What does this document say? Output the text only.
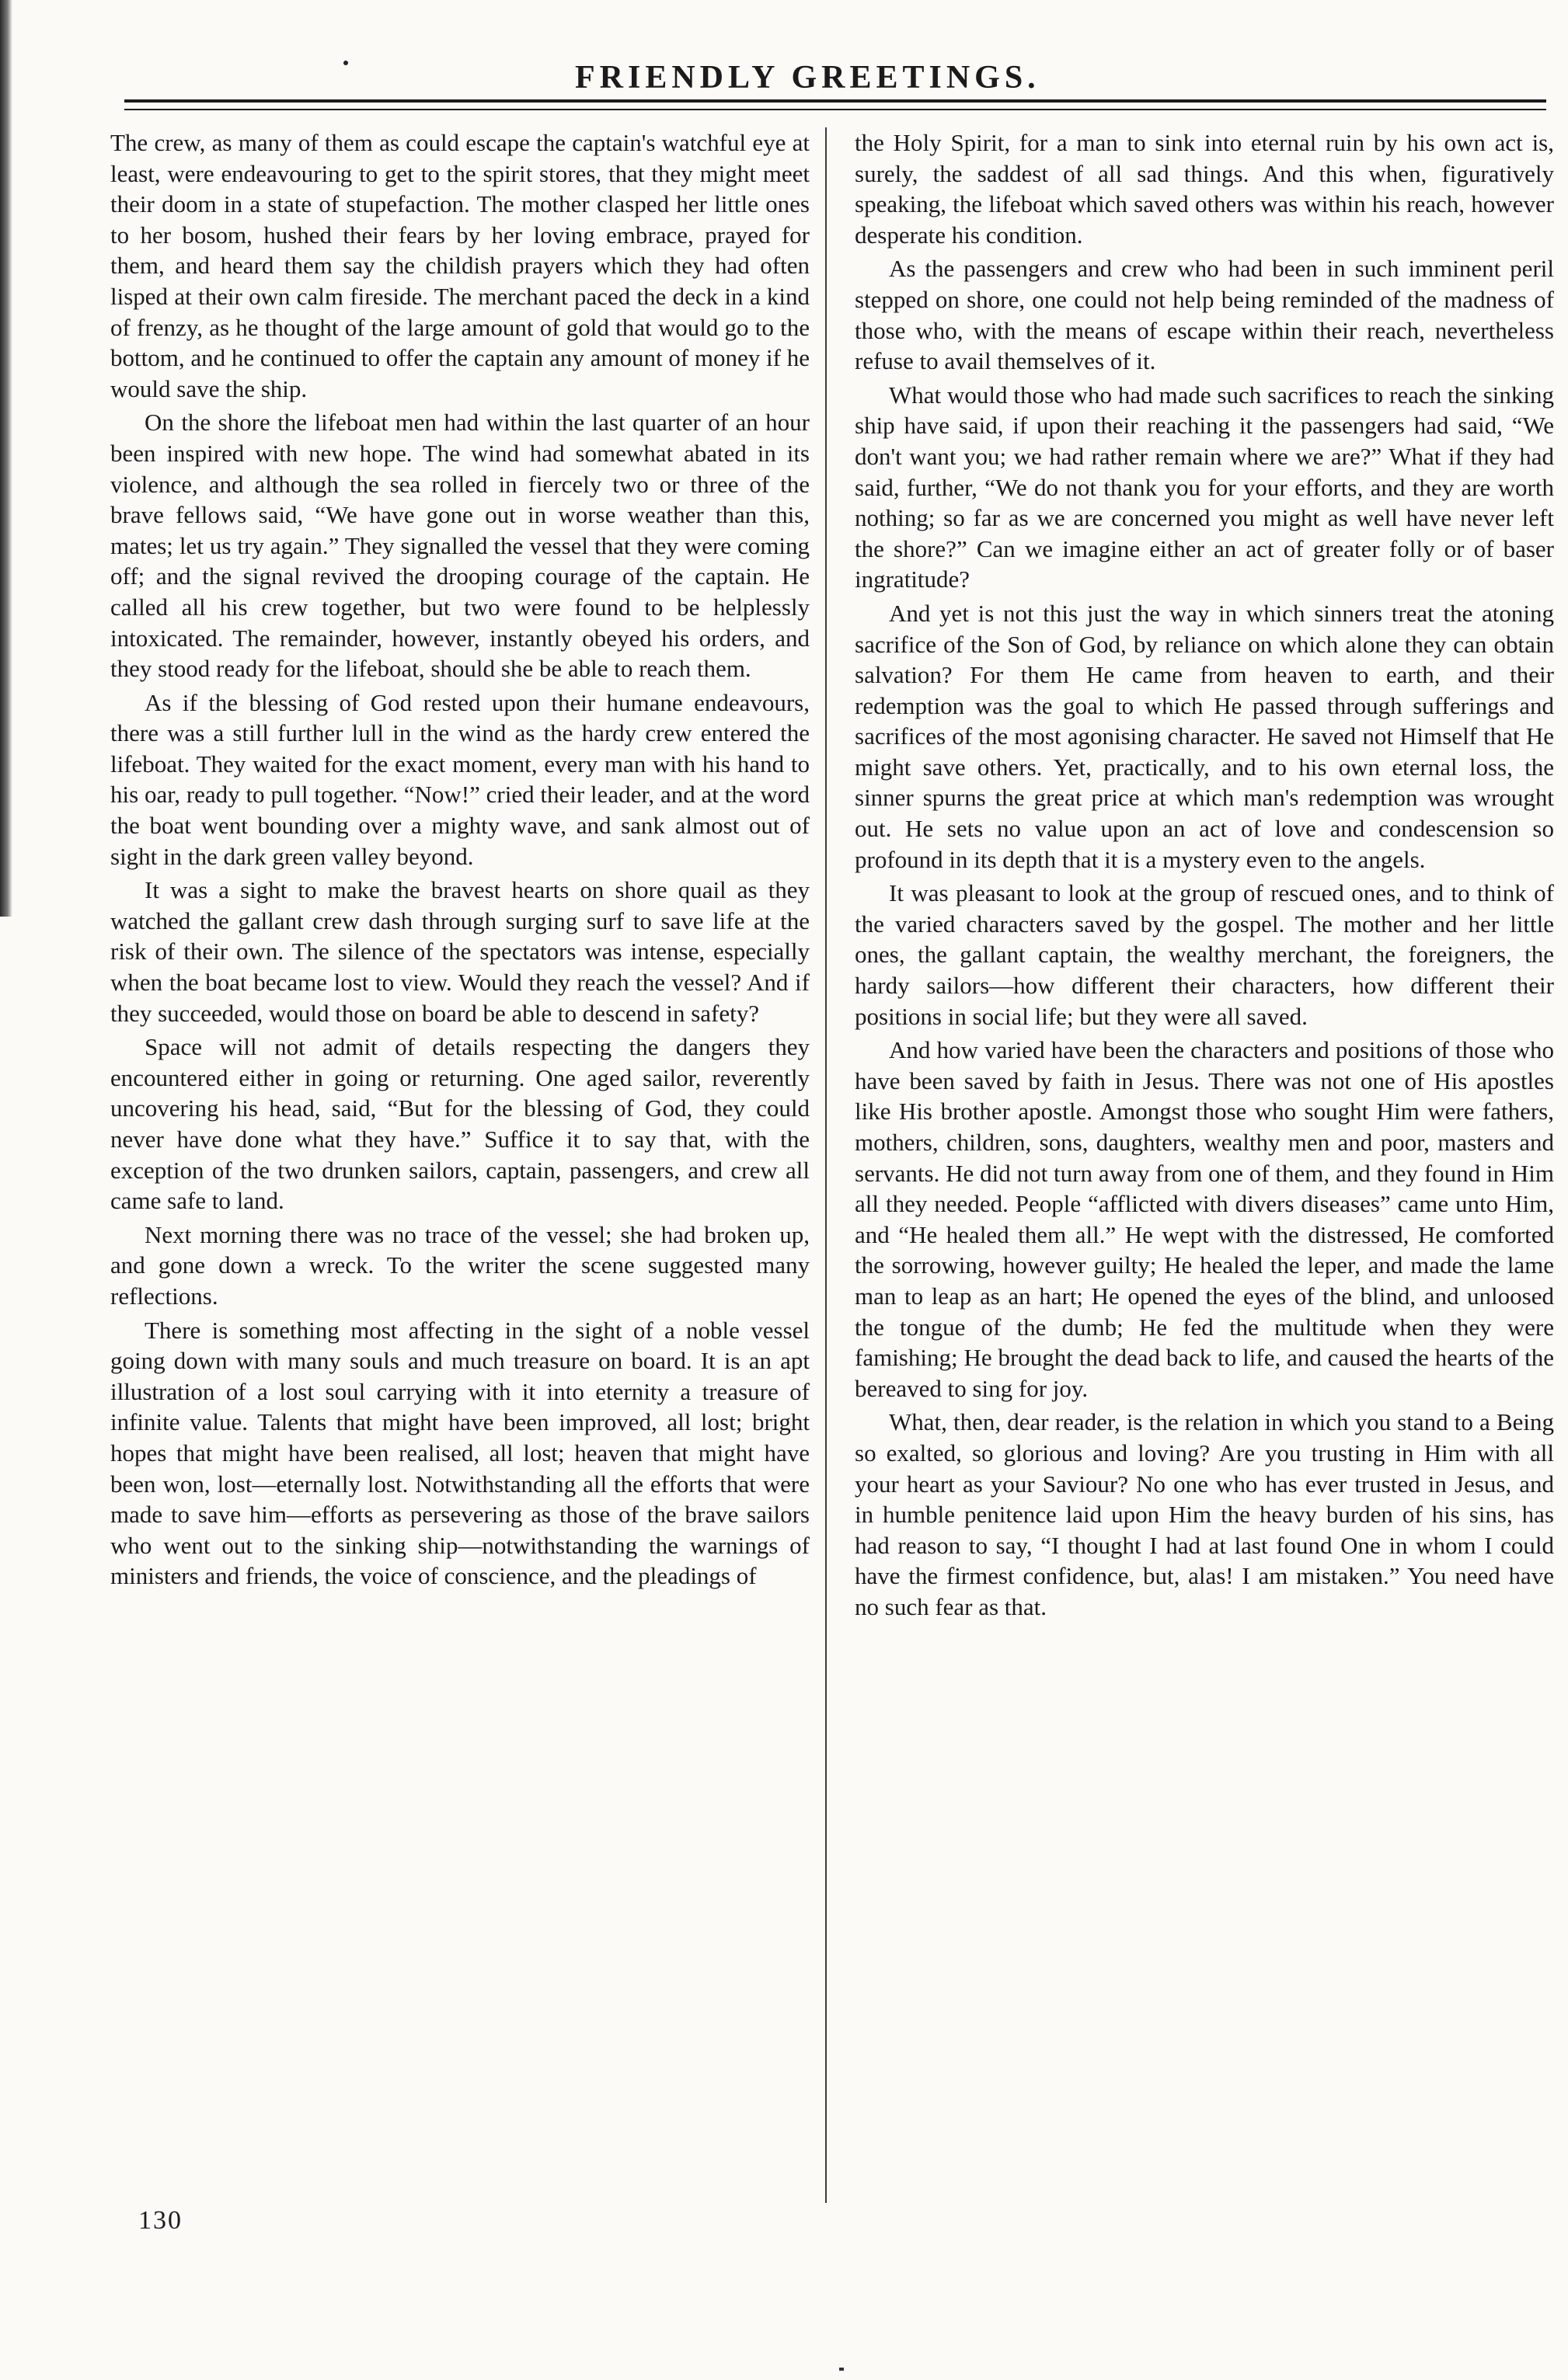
FRIENDLY GREETINGS.

The crew, as many of them as could escape the captain's watchful eye at least, were endeavouring to get to the spirit stores, that they might meet their doom in a state of stupefaction. The mother clasped her little ones to her bosom, hushed their fears by her loving embrace, prayed for them, and heard them say the childish prayers which they had often lisped at their own calm fireside. The merchant paced the deck in a kind of frenzy, as he thought of the large amount of gold that would go to the bottom, and he continued to offer the captain any amount of money if he would save the ship.

On the shore the lifeboat men had within the last quarter of an hour been inspired with new hope. The wind had somewhat abated in its violence, and although the sea rolled in fiercely two or three of the brave fellows said, “We have gone out in worse weather than this, mates; let us try again.” They signalled the vessel that they were coming off; and the signal revived the drooping courage of the captain. He called all his crew together, but two were found to be helplessly intoxicated. The remainder, however, instantly obeyed his orders, and they stood ready for the lifeboat, should she be able to reach them.

As if the blessing of God rested upon their humane endeavours, there was a still further lull in the wind as the hardy crew entered the lifeboat. They waited for the exact moment, every man with his hand to his oar, ready to pull together. “Now!” cried their leader, and at the word the boat went bounding over a mighty wave, and sank almost out of sight in the dark green valley beyond.

It was a sight to make the bravest hearts on shore quail as they watched the gallant crew dash through surging surf to save life at the risk of their own. The silence of the spectators was intense, especially when the boat became lost to view. Would they reach the vessel? And if they succeeded, would those on board be able to descend in safety?

Space will not admit of details respecting the dangers they encountered either in going or returning. One aged sailor, reverently uncovering his head, said, “But for the blessing of God, they could never have done what they have.” Suffice it to say that, with the exception of the two drunken sailors, captain, passengers, and crew all came safe to land.

Next morning there was no trace of the vessel; she had broken up, and gone down a wreck. To the writer the scene suggested many reflections.

There is something most affecting in the sight of a noble vessel going down with many souls and much treasure on board. It is an apt illustration of a lost soul carrying with it into eternity a treasure of infinite value. Talents that might have been improved, all lost; bright hopes that might have been realised, all lost; heaven that might have been won, lost—eternally lost. Notwithstanding all the efforts that were made to save him—efforts as persevering as those of the brave sailors who went out to the sinking ship—notwithstanding the warnings of ministers and friends, the voice of conscience, and the pleadings of

the Holy Spirit, for a man to sink into eternal ruin by his own act is, surely, the saddest of all sad things. And this when, figuratively speaking, the lifeboat which saved others was within his reach, however desperate his condition.

As the passengers and crew who had been in such imminent peril stepped on shore, one could not help being reminded of the madness of those who, with the means of escape within their reach, nevertheless refuse to avail themselves of it.

What would those who had made such sacrifices to reach the sinking ship have said, if upon their reaching it the passengers had said, “We don't want you; we had rather remain where we are?” What if they had said, further, “We do not thank you for your efforts, and they are worth nothing; so far as we are concerned you might as well have never left the shore?” Can we imagine either an act of greater folly or of baser ingratitude?

And yet is not this just the way in which sinners treat the atoning sacrifice of the Son of God, by reliance on which alone they can obtain salvation? For them He came from heaven to earth, and their redemption was the goal to which He passed through sufferings and sacrifices of the most agonising character. He saved not Himself that He might save others. Yet, practically, and to his own eternal loss, the sinner spurns the great price at which man's redemption was wrought out. He sets no value upon an act of love and condescension so profound in its depth that it is a mystery even to the angels.

It was pleasant to look at the group of rescued ones, and to think of the varied characters saved by the gospel. The mother and her little ones, the gallant captain, the wealthy merchant, the foreigners, the hardy sailors—how different their characters, how different their positions in social life; but they were all saved.

And how varied have been the characters and positions of those who have been saved by faith in Jesus. There was not one of His apostles like His brother apostle. Amongst those who sought Him were fathers, mothers, children, sons, daughters, wealthy men and poor, masters and servants. He did not turn away from one of them, and they found in Him all they needed. People “afflicted with divers diseases” came unto Him, and “He healed them all.” He wept with the distressed, He comforted the sorrowing, however guilty; He healed the leper, and made the lame man to leap as an hart; He opened the eyes of the blind, and unloosed the tongue of the dumb; He fed the multitude when they were famishing; He brought the dead back to life, and caused the hearts of the bereaved to sing for joy.

What, then, dear reader, is the relation in which you stand to a Being so exalted, so glorious and loving? Are you trusting in Him with all your heart as your Saviour? No one who has ever trusted in Jesus, and in humble penitence laid upon Him the heavy burden of his sins, has had reason to say, “I thought I had at last found One in whom I could have the firmest confidence, but, alas! I am mistaken.” You need have no such fear as that.

130
